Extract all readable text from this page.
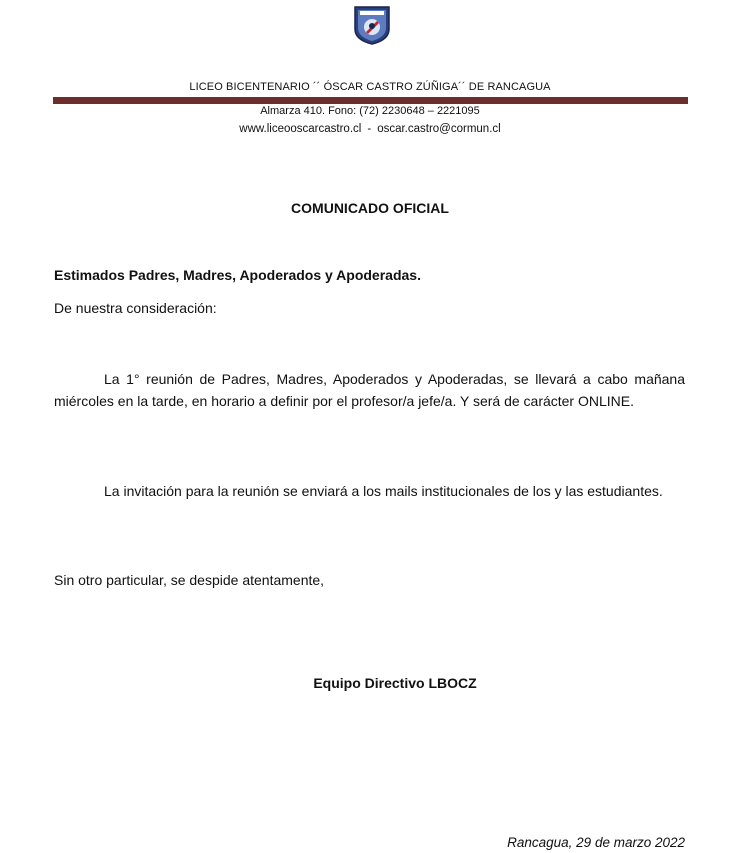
LICEO BICENTENARIO ´´ ÓSCAR CASTRO ZÚÑIGA´´ DE RANCAGUA
Almarza 410. Fono: (72) 2230648 – 2221095
www.liceooscarcastro.cl - oscar.castro@cormun.cl
COMUNICADO OFICIAL
Estimados Padres, Madres, Apoderados y Apoderadas.
De nuestra consideración:
La 1° reunión de Padres, Madres, Apoderados y Apoderadas, se llevará a cabo mañana miércoles en la tarde, en horario a definir por el profesor/a jefe/a. Y será de carácter ONLINE.
La invitación para la reunión se enviará a los mails institucionales de los y las estudiantes.
Sin otro particular, se despide atentamente,
Equipo Directivo LBOCZ
Rancagua, 29 de marzo 2022
